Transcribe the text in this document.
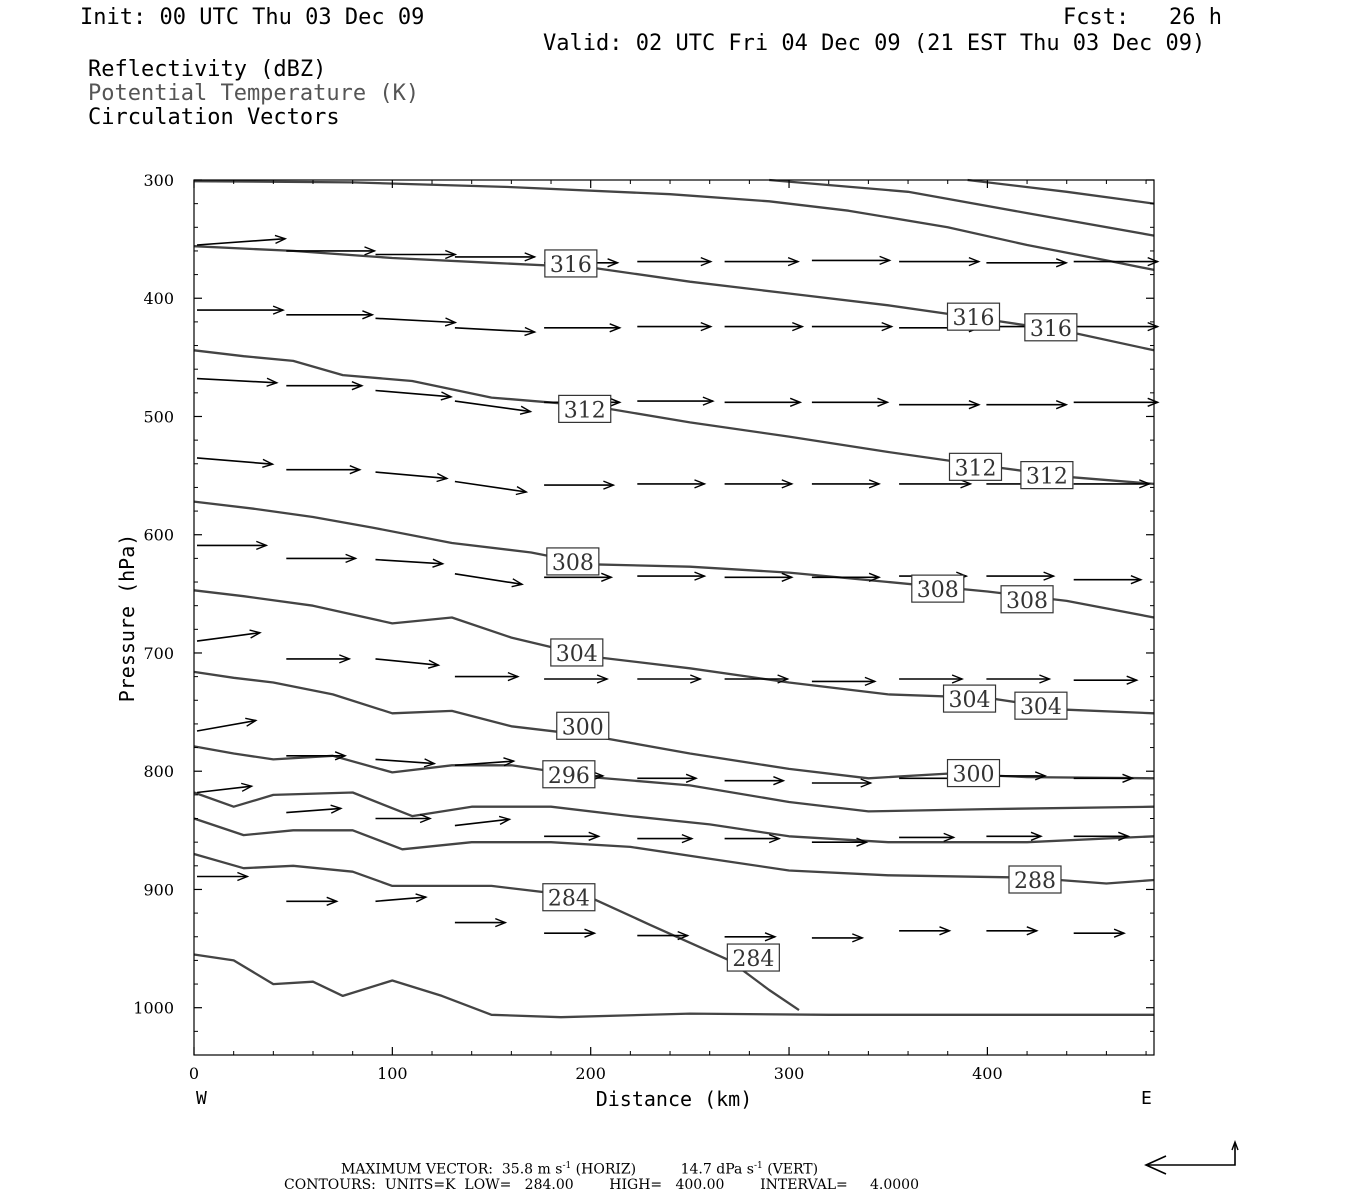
Init: 00 UTC Thu 03 Dec 09	Fcst:   26 h
Valid: 02 UTC Fri 04 Dec 09 (21 EST Thu 03 Dec 09)
Reflectivity (dBZ)
Potential Temperature (K)
Circulation Vectors
316
316 316
312
312 312
308
308 308
304
304 304
300
296	300
288
284
284
0	100	200	300	400
300
400
500
600
700
800
900
1000
Distance (km)
Pressure (hPa)
W	E
MAXIMUM VECTOR: 35.8 m $s^{-1}$ (HORIZ)	14.7 dPa $s^{-1}$ (VERT)
CONTOURS: UNITS=K LOW=   284.00	HIGH=   400.00	INTERVAL=     4.0000
